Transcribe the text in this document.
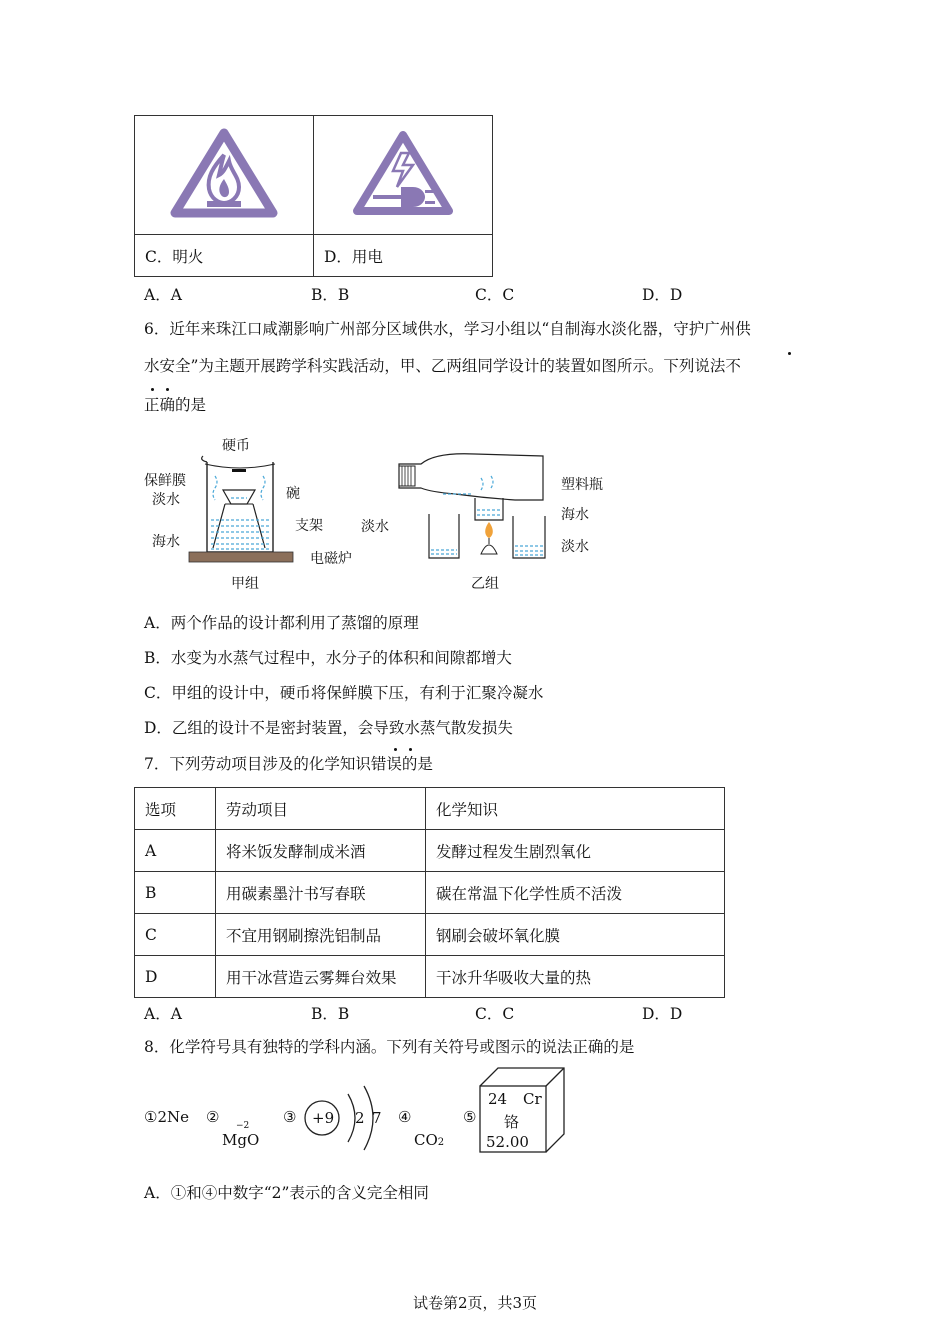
C．明火	D．用电
A．A	B．B	C．C	D．D
6．近年来珠江口咸潮影响广州部分区域供水，学习小组以“自制海水淡化器，守护广州供
水安全”为主题开展跨学科实践活动，甲、乙两组同学设计的装置如图所示。下列说法不
正确的是
硬币
保鲜膜
淡水	碗
支架
海水
电磁炉
甲组
塑料瓶
淡水
海水
淡水
乙组
A．两个作品的设计都利用了蒸馏的原理
B．水变为水蒸气过程中，水分子的体积和间隙都增大
C．甲组的设计中，硬币将保鲜膜下压，有利于汇聚冷凝水
D．乙组的设计不是密封装置，会导致水蒸气散发损失
7．下列劳动项目涉及的化学知识错误的是
选项	劳动项目	化学知识
A	将米饭发酵制成米酒	发酵过程发生剧烈氧化
B	用碳素墨汁书写春联	碳在常温下化学性质不活泼
C	不宜用钢刷擦洗铝制品	钢刷会破坏氧化膜
D	用干冰营造云雾舞台效果	干冰升华吸收大量的热
A．A	B．B	C．C	D．D
8．化学符号具有独特的学科内涵。下列有关符号或图示的说法正确的是
①2Ne ② −2
MgO
③ +9 2 7 ④
CO2
⑤
24 Cr
铬
52.00
A．①和④中数字“2”表示的含义完全相同
试卷第2页，共3页
